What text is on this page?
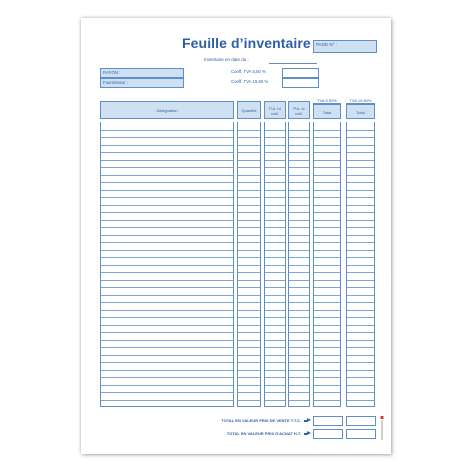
Feuille d’inventaire PAGE N° :
Inventaire en date du :
RAYON :
Fournisseur :
Coeff. TVA 5,50 %
Coeff. TVA 19,60 %
Désignation	Quantité	P.A. ht unit.
P.A. tc unit.
TVA 5,50%
Total
TVA 19,60%
Total
TOTAL EN VALEUR PRIX DE VENTE T.T.C.
TOTAL EN VALEUR PRIX D'ACHAT H.T.
